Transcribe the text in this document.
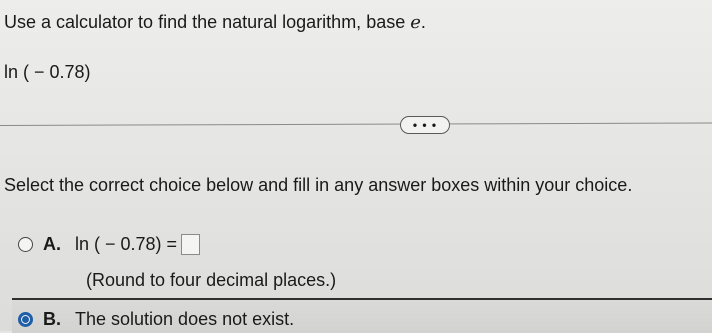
Use a calculator to find the natural logarithm, base e.
ln ( − 0.78)
• • •
Select the correct choice below and fill in any answer boxes within your choice.
A. ln ( − 0.78) =
(Round to four decimal places.)
B. The solution does not exist.
